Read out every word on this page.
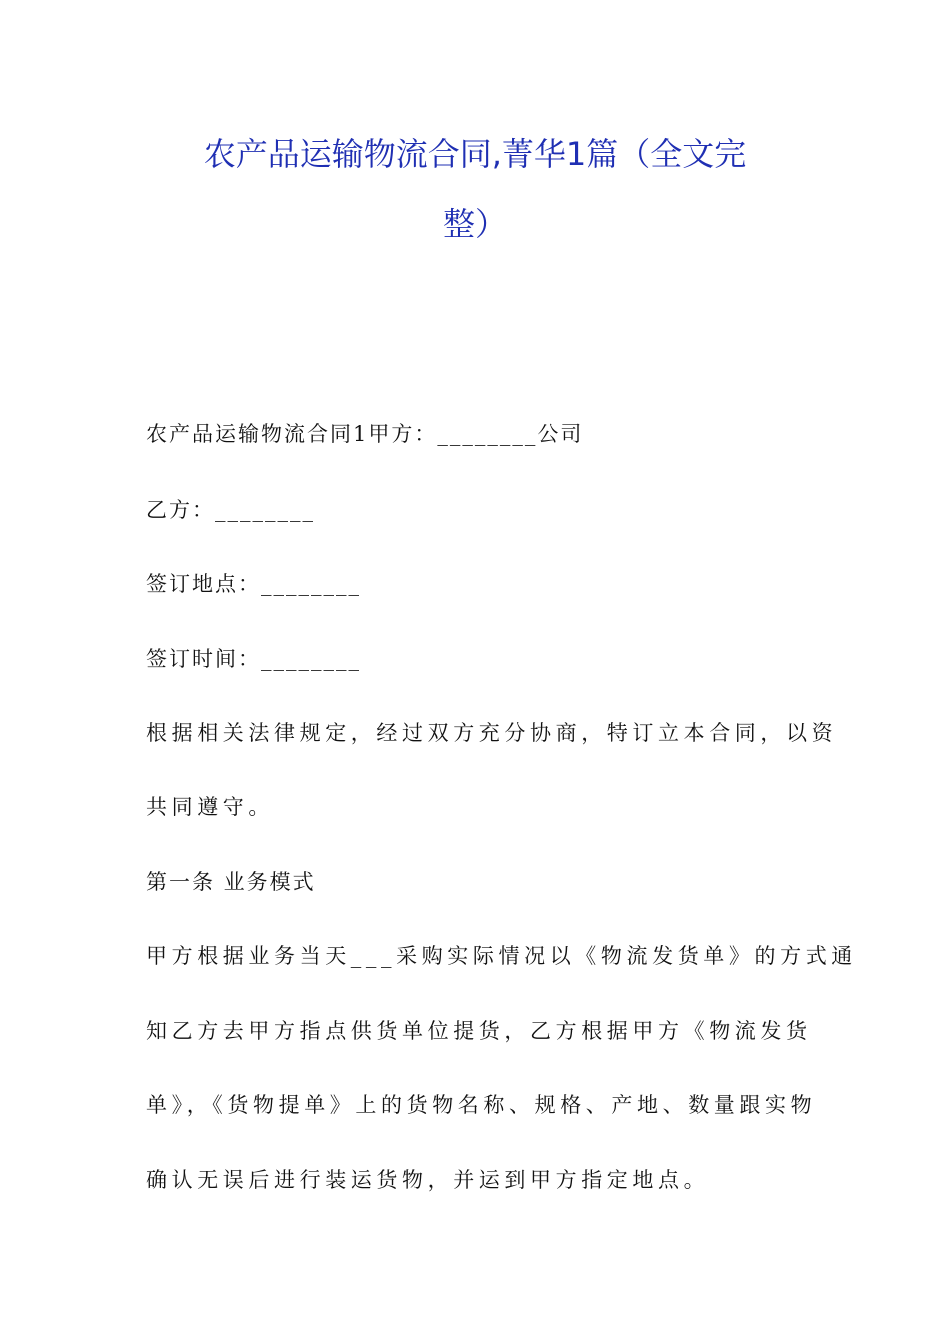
农产品运输物流合同,菁华1篇（全文完
整）
农产品运输物流合同1甲方：________公司
乙方：________
签订地点：________
签订时间：________
根据相关法律规定，经过双方充分协商，特订立本合同，以资
共同遵守。
第一条 业务模式
甲方根据业务当天___采购实际情况以《物流发货单》的方式通
知乙方去甲方指点供货单位提货，乙方根据甲方《物流发货
单》，《货物提单》上的货物名称、规格、产地、数量跟实物
确认无误后进行装运货物，并运到甲方指定地点。
